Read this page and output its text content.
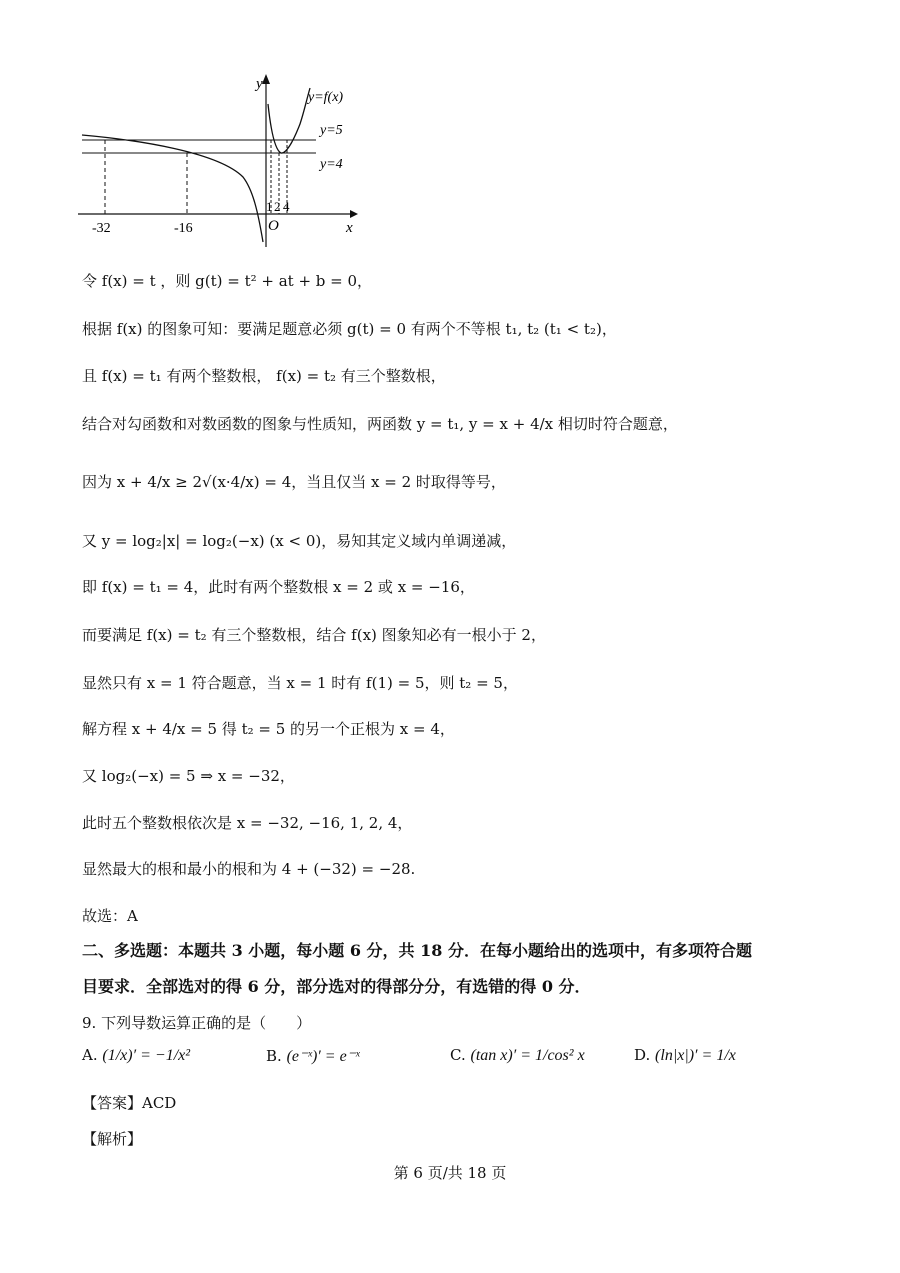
y
x
O
y=f(x)
y=5
y=4
-32	-16
1 2 4
令 f(x) = t ，则 g(t) = t² + at + b = 0，
根据 f(x) 的图象可知：要满足题意必须 g(t) = 0 有两个不等根 t₁, t₂ (t₁ < t₂)，
且 f(x) = t₁ 有两个整数根， f(x) = t₂ 有三个整数根，
结合对勾函数和对数函数的图象与性质知，两函数 y = t₁, y = x + 4/x 相切时符合题意，
因为 x + 4/x ≥ 2√(x·4/x) = 4，当且仅当 x = 2 时取得等号，
又 y = log₂|x| = log₂(−x) (x < 0)，易知其定义域内单调递减，
即 f(x) = t₁ = 4，此时有两个整数根 x = 2 或 x = −16，
而要满足 f(x) = t₂ 有三个整数根，结合 f(x) 图象知必有一根小于 2，
显然只有 x = 1 符合题意，当 x = 1 时有 f(1) = 5，则 t₂ = 5，
解方程 x + 4/x = 5 得 t₂ = 5 的另一个正根为 x = 4，
又 log₂(−x) = 5 ⇒ x = −32，
此时五个整数根依次是 x = −32, −16, 1, 2, 4，
显然最大的根和最小的根和为 4 + (−32) = −28.
故选：A
二、多选题：本题共 3 小题，每小题 6 分，共 18 分．在每小题给出的选项中，有多项符合题
目要求．全部选对的得 6 分，部分选对的得部分分，有选错的得 0 分．
9. 下列导数运算正确的是（　　）
A. (1/x)′ = −1/x²	B. (e⁻ˣ)′ = e⁻ˣ	C. (tan x)′ = 1/cos² x	D. (ln|x|)′ = 1/x
【答案】ACD
【解析】
第 6 页/共 18 页
